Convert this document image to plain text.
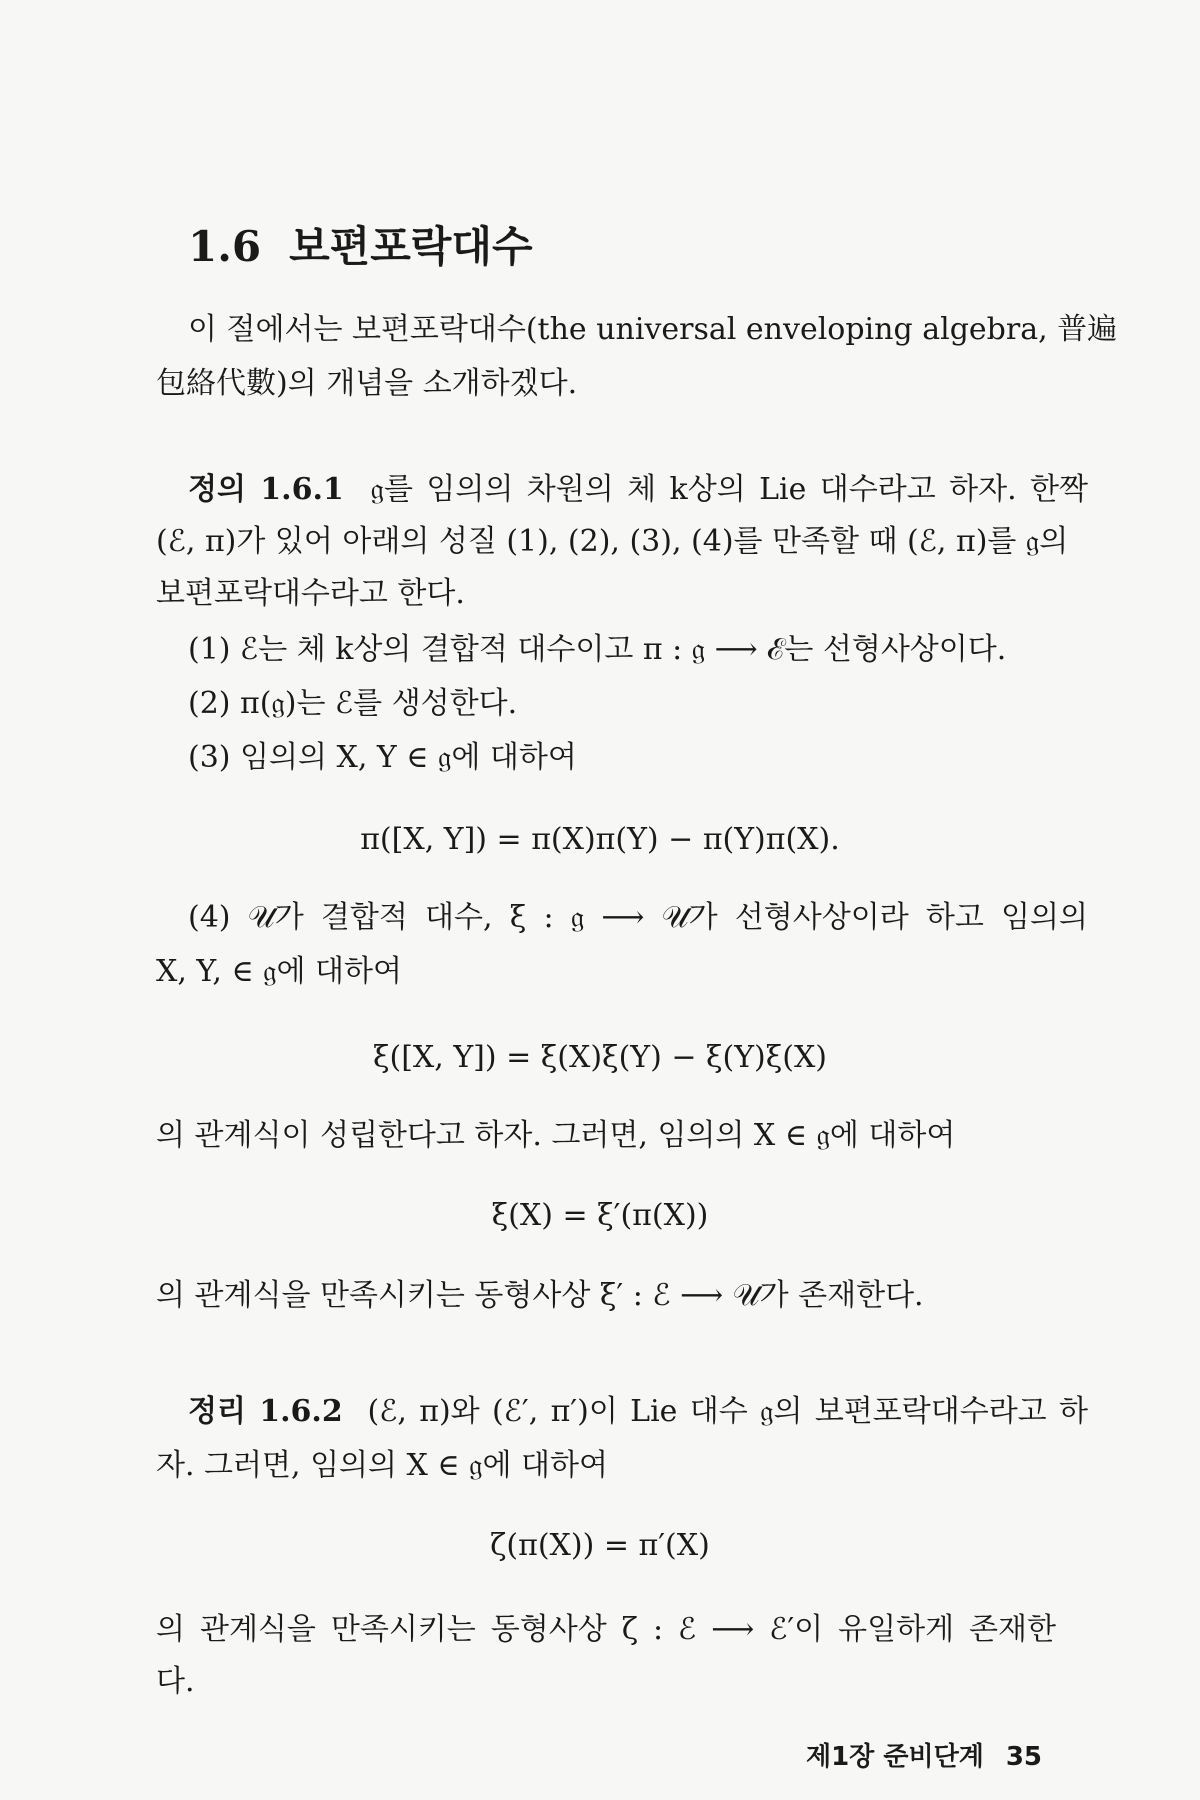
1.6 보편포락대수
이 절에서는 보편포락대수(the universal enveloping algebra, 普遍
包絡代數)의 개념을 소개하겠다.
정의 1.6.1 𝔤를 임의의 차원의 체 k상의 Lie 대수라고 하자. 한짝
(ℰ, π)가 있어 아래의 성질 (1), (2), (3), (4)를 만족할 때 (ℰ, π)를 𝔤의
보편포락대수라고 한다.
(1) ℰ는 체 k상의 결합적 대수이고 π : 𝔤 ⟶ ℰ는 선형사상이다.
(2) π(𝔤)는 ℰ를 생성한다.
(3) 임의의 X, Y ∈ 𝔤에 대하여
π([X, Y]) = π(X)π(Y) − π(Y)π(X).
(4) 𝒰가 결합적 대수, ξ : 𝔤 ⟶ 𝒰가 선형사상이라 하고 임의의
X, Y, ∈ 𝔤에 대하여
ξ([X, Y]) = ξ(X)ξ(Y) − ξ(Y)ξ(X)
의 관계식이 성립한다고 하자. 그러면, 임의의 X ∈ 𝔤에 대하여
ξ(X) = ξ′(π(X))
의 관계식을 만족시키는 동형사상 ξ′ : ℰ ⟶ 𝒰가 존재한다.
정리 1.6.2 (ℰ, π)와 (ℰ′, π′)이 Lie 대수 𝔤의 보편포락대수라고 하
자. 그러면, 임의의 X ∈ 𝔤에 대하여
ζ(π(X)) = π′(X)
의 관계식을 만족시키는 동형사상 ζ : ℰ ⟶ ℰ′이 유일하게 존재한
제1장 준비단계 35
다.
